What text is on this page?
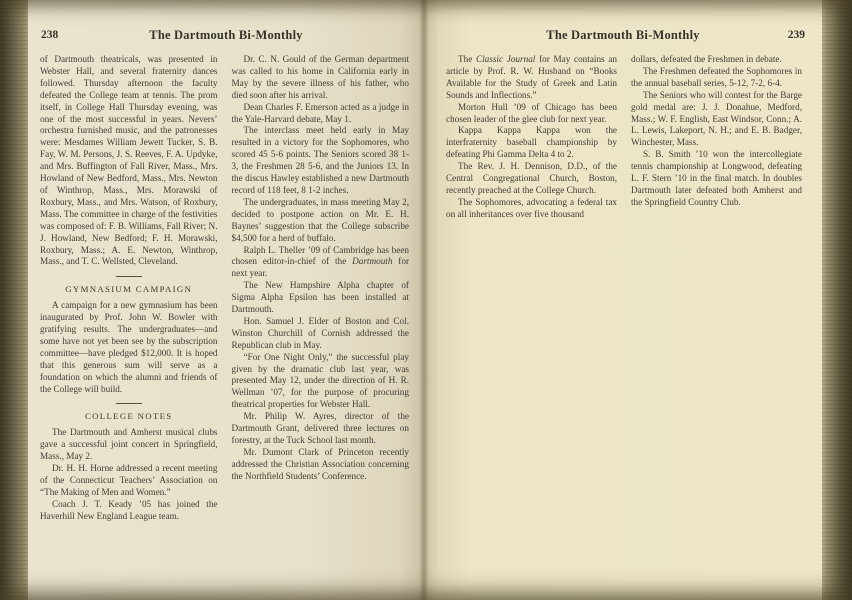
238	The Dartmouth Bi-Monthly

of Dartmouth theatricals, was presented in Webster Hall, and several fraternity dances followed. Thursday afternoon the faculty defeated the College team at tennis. The prom itself, in College Hall Thursday evening, was one of the most successful in years. Nevers’ orchestra furnished music, and the patronesses were: Mesdames William Jewett Tucker, S. B. Fay, W. M. Persons, J. S. Reeves, F. A. Updyke, and Mrs. Buffington of Fall River, Mass., Mrs. Howland of New Bedford, Mass., Mrs. Newton of Winthrop, Mass., Mrs. Morawski of Roxbury, Mass., and Mrs. Watson, of Roxbury, Mass. The committee in charge of the festivities was composed of: F. B. Williams, Fall River; N. J. Howland, New Bedford; F. H. Morawski, Roxbury, Mass.; A. E. Newton, Winthrop, Mass., and T. C. Wellsted, Cleveland.

GYMNASIUM CAMPAIGN

A campaign for a new gymnasium has been inaugurated by Prof. John W. Bowler with gratifying results. The undergraduates—and some have not yet been see by the subscription committee—have pledged $12,000. It is hoped that this generous sum will serve as a foundation on which the alumni and friends of the College will build.

COLLEGE NOTES

The Dartmouth and Amherst musical clubs gave a successful joint concert in Springfield, Mass., May 2.

Dr. H. H. Horne addressed a recent meeting of the Connecticut Teachers’ Association on “The Making of Men and Women.”

Coach J. T. Keady ’05 has joined the Haverhill New England League team.

Dr. C. N. Gould of the German department was called to his home in California early in May by the severe illness of his father, who died soon after his arrival.

Dean Charles F. Emerson acted as a judge in the Yale-Harvard debate, May 1.

The interclass meet held early in May resulted in a victory for the Sophomores, who scored 45 5-6 points. The Seniors scored 38 1-3, the Freshmen 28 5-6, and the Juniors 13. In the discus Hawley established a new Dartmouth record of 118 feet, 8 1-2 inches.

The undergraduates, in mass meeting May 2, decided to postpone action on Mr. E. H. Baynes’ suggestion that the College subscribe $4,500 for a herd of buffalo.

Ralph L. Theller ’09 of Cambridge has been chosen editor-in-chief of the Dartmouth for next year.

The New Hampshire Alpha chapter of Sigma Alpha Epsilon has been installed at Dartmouth.

Hon. Samuel J. Elder of Boston and Col. Winston Churchill of Cornish addressed the Republican club in May.

“For One Night Only,” the successful play given by the dramatic club last year, was presented May 12, under the direction of H. R. Wellman ’07, for the purpose of procuring theatrical properties for Webster Hall.

Mr. Philip W. Ayres, director of the Dartmouth Grant, delivered three lectures on forestry, at the Tuck School last month.

Mr. Dumont Clark of Princeton recently addressed the Christian Association concerning the Northfield Students’ Conference.

239
The Dartmouth Bi-Monthly

The Classic Journal for May contains an article by Prof. R. W. Husband on “Books Available for the Study of Greek and Latin Sounds and Inflections.”

Morton Hull ’09 of Chicago has been chosen leader of the glee club for next year.

Kappa Kappa Kappa won the interfraternity baseball championship by defeating Phi Gamma Delta 4 to 2.

The Rev. J. H. Dennison, D.D., of the Central Congregational Church, Boston, recently preached at the College Church.

The Sophomores, advocating a federal tax on all inheritances over five thousand

dollars, defeated the Freshmen in debate.

The Freshmen defeated the Sophomores in the annual baseball series, 5-12, 7-2, 6-4.

The Seniors who will contest for the Barge gold medal are: J. J. Donahue, Medford, Mass.; W. F. English, East Windsor, Conn.; A. L. Lewis, Lakeport, N. H.; and E. B. Badger, Winchester, Mass.

S. B. Smith ’10 won the intercollegiate tennis championship at Longwood, defeating L. F. Stern ’10 in the final match. In doubles Dartmouth later defeated both Amherst and the Springfield Country Club.
